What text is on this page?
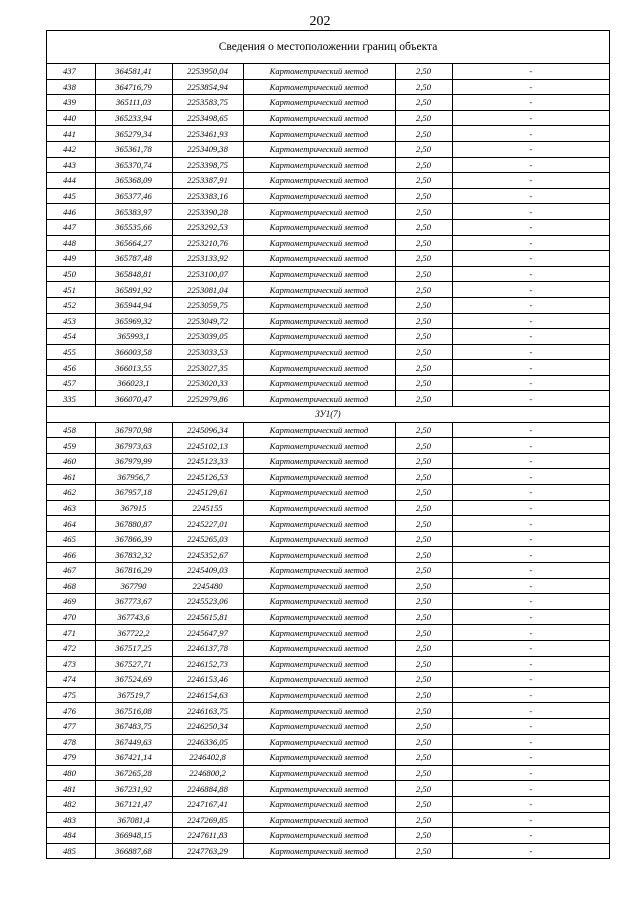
202
Сведения о местоположении границ объекта
437	364581,41	2253950,04	Картометрический метод	2,50	-
438	364716,79	2253854,94	Картометрический метод	2,50	-
439	365111,03	2253583,75	Картометрический метод	2,50	-
440	365233,94	2253498,65	Картометрический метод	2,50	-
441	365279,34	2253461,93	Картометрический метод	2,50	-
442	365361,78	2253409,38	Картометрический метод	2,50	-
443	365370,74	2253398,75	Картометрический метод	2,50	-
444	365368,09	2253387,91	Картометрический метод	2,50	-
445	365377,46	2253383,16	Картометрический метод	2,50	-
446	365383,97	2253390,28	Картометрический метод	2,50	-
447	365535,66	2253292,53	Картометрический метод	2,50	-
448	365664,27	2253210,76	Картометрический метод	2,50	-
449	365787,48	2253133,92	Картометрический метод	2,50	-
450	365848,81	2253100,07	Картометрический метод	2,50	-
451	365891,92	2253081,04	Картометрический метод	2,50	-
452	365944,94	2253059,75	Картометрический метод	2,50	-
453	365969,32	2253049,72	Картометрический метод	2,50	-
454	365993,1	2253039,05	Картометрический метод	2,50	-
455	366003,58	2253033,53	Картометрический метод	2,50	-
456	366013,55	2253027,35	Картометрический метод	2,50	-
457	366023,1	2253020,33	Картометрический метод	2,50	-
335	366070,47	2252979,86	Картометрический метод	2,50	-
ЗУ1(7)					
458	367970,98	2245096,34	Картометрический метод	2,50	-
459	367973,63	2245102,13	Картометрический метод	2,50	-
460	367979,99	2245123,33	Картометрический метод	2,50	-
461	367956,7	2245126,53	Картометрический метод	2,50	-
462	367957,18	2245129,61	Картометрический метод	2,50	-
463	367915	2245155	Картометрический метод	2,50	-
464	367880,87	2245227,01	Картометрический метод	2,50	-
465	367866,39	2245265,03	Картометрический метод	2,50	-
466	367832,32	2245352,67	Картометрический метод	2,50	-
467	367816,29	2245409,03	Картометрический метод	2,50	-
468	367790	2245480	Картометрический метод	2,50	-
469	367773,67	2245523,06	Картометрический метод	2,50	-
470	367743,6	2245615,81	Картометрический метод	2,50	-
471	367722,2	2245647,97	Картометрический метод	2,50	-
472	367517,25	2246137,78	Картометрический метод	2,50	-
473	367527,71	2246152,73	Картометрический метод	2,50	-
474	367524,69	2246153,46	Картометрический метод	2,50	-
475	367519,7	2246154,63	Картометрический метод	2,50	-
476	367516,08	2246163,75	Картометрический метод	2,50	-
477	367483,75	2246250,34	Картометрический метод	2,50	-
478	367449,63	2246336,05	Картометрический метод	2,50	-
479	367421,14	2246402,8	Картометрический метод	2,50	-
480	367265,28	2246800,2	Картометрический метод	2,50	-
481	367231,92	2246884,88	Картометрический метод	2,50	-
482	367121,47	2247167,41	Картометрический метод	2,50	-
483	367081,4	2247269,85	Картометрический метод	2,50	-
484	366948,15	2247611,83	Картометрический метод	2,50	-
485	366887,68	2247763,29	Картометрический метод	2,50	-
